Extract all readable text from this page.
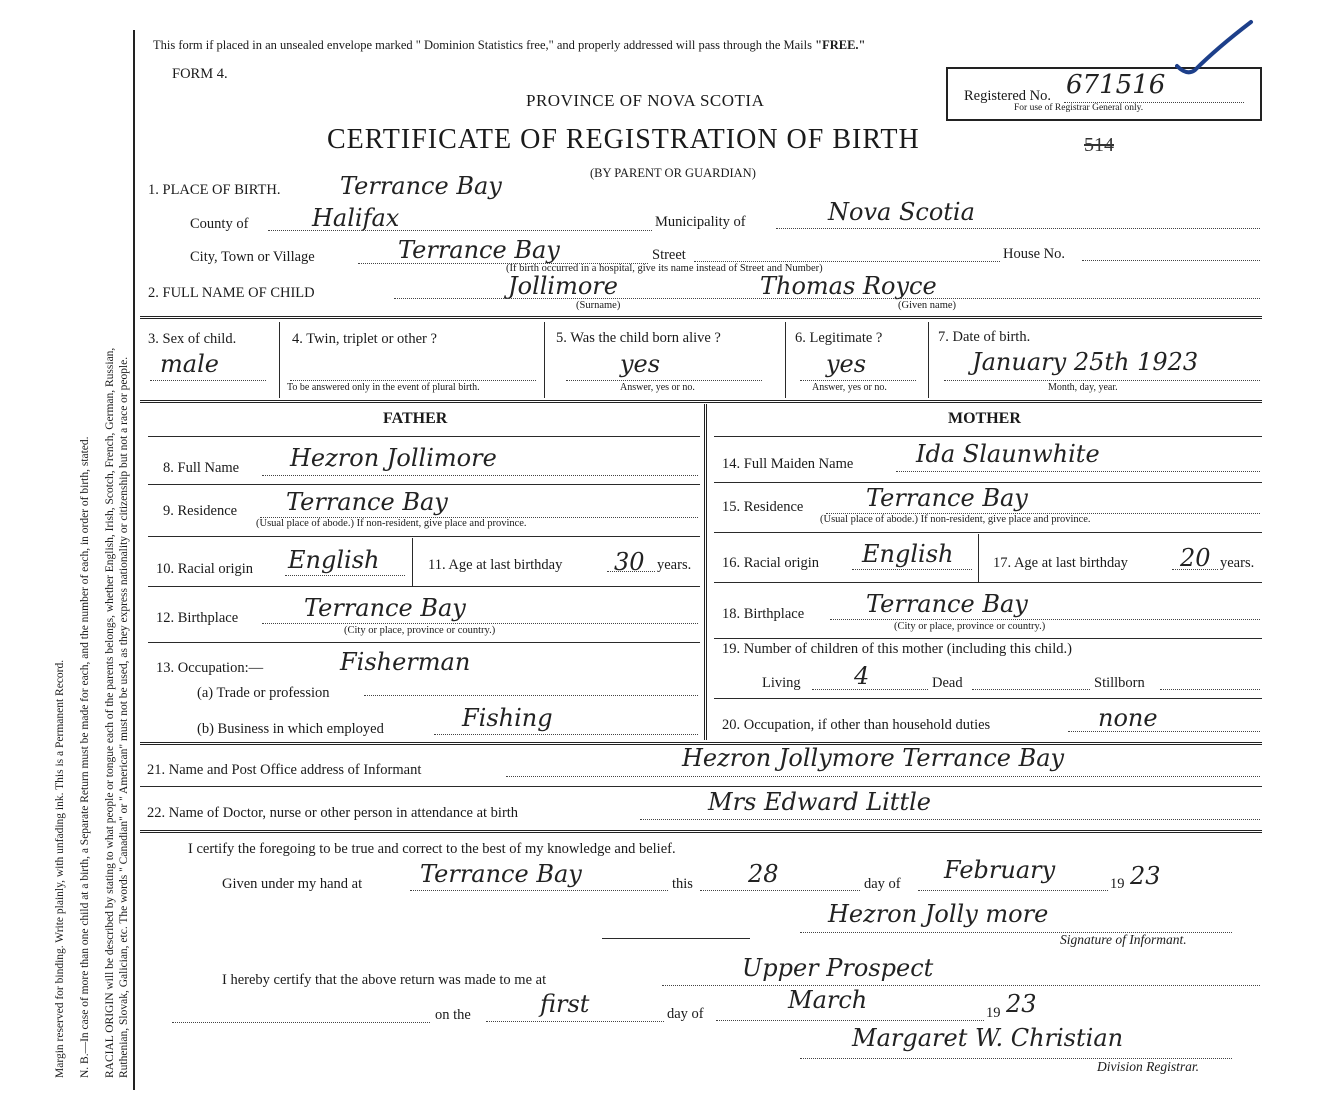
Margin reserved for binding. Write plainly, with unfading ink. This is a Permanent Record. N. B.—In case of more than one child at a birth, a Separate Return must be made for each, and the number of each, in order of birth, stated. RACIAL ORIGIN will be described by stating to what people or tongue each of the parents belongs, whether English, Irish, Scotch, French, German, Russian, Ruthenian, Slovak, Galician, etc. The words " Canadian" or " American" must not be used, as they express nationality or citizenship but not a race or people.
This form if placed in an unsealed envelope marked " Dominion Statistics free," and properly addressed will pass through the Mails "FREE."
FORM 4.
PROVINCE OF NOVA SCOTIA
CERTIFICATE OF REGISTRATION OF BIRTH	514
(BY PARENT OR GUARDIAN)
Registered No. 671516
For use of Registrar General only.
1. PLACE OF BIRTH. Terrance Bay
County of	Halifax	Municipality of	Nova Scotia
City, Town or Village	Terrance Bay	Street	House No.
(If birth occurred in a hospital, give its name instead of Street and Number)
2. FULL NAME OF CHILD	Jollimore	Thomas Royce
(Surname)	(Given name)
3. Sex of child.
male
4. Twin, triplet or other ?
To be answered only in the event of plural birth.
5. Was the child born alive ?
yes
Answer, yes or no.
6. Legitimate ?
yes
Answer, yes or no.
7. Date of birth.
January 25th 1923
Month, day, year.
FATHER	MOTHER
8. Full Name Hezron Jollimore
9. Residence Terrance Bay
(Usual place of abode.) If non-resident, give place and province.
10. Racial origin English	11. Age at last birthday 30 years.
12. Birthplace	Terrance Bay
(City or place, province or country.)
13. Occupation:—	Fisherman
(a) Trade or profession
(b) Business in which employed	Fishing
14. Full Maiden Name	Ida Slaunwhite
15. Residence	Terrance Bay
(Usual place of abode.) If non-resident, give place and province.
16. Racial origin English	17. Age at last birthday 20 years.
18. Birthplace	Terrance Bay
(City or place, province or country.)
19. Number of children of this mother (including this child.)
Living 4	Dead	Stillborn
20. Occupation, if other than household duties	none
21. Name and Post Office address of Informant	Hezron Jollymore Terrance Bay
22. Name of Doctor, nurse or other person in attendance at birth	Mrs Edward Little
I certify the foregoing to be true and correct to the best of my knowledge and belief.
Given under my hand at Terrance Bay	this 28	day of February	19 23
Hezron Jolly more
Signature of Informant.
I hereby certify that the above return was made to me at	Upper Prospect
on the	first	day of	March	19 23
Margaret W. Christian
Division Registrar.
